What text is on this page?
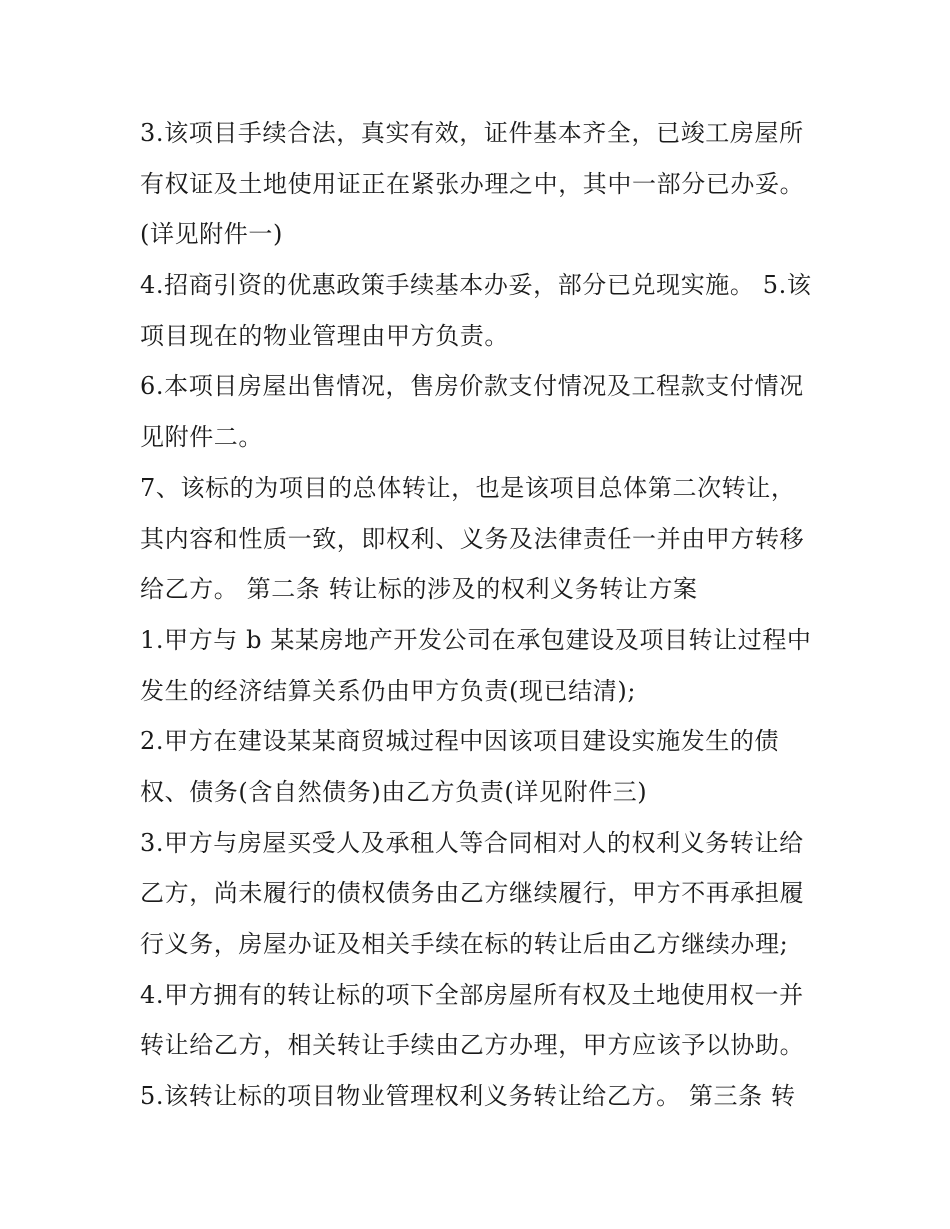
3.该项目手续合法，真实有效，证件基本齐全，已竣工房屋所
有权证及土地使用证正在紧张办理之中，其中一部分已办妥。
(详见附件一)
4.招商引资的优惠政策手续基本办妥，部分已兑现实施。 5.该
项目现在的物业管理由甲方负责。
6.本项目房屋出售情况，售房价款支付情况及工程款支付情况
见附件二。
7、该标的为项目的总体转让，也是该项目总体第二次转让，
其内容和性质一致，即权利、义务及法律责任一并由甲方转移
给乙方。 第二条 转让标的涉及的权利义务转让方案
1.甲方与 b 某某房地产开发公司在承包建设及项目转让过程中
发生的经济结算关系仍由甲方负责(现已结清);
2.甲方在建设某某商贸城过程中因该项目建设实施发生的债
权、债务(含自然债务)由乙方负责(详见附件三)
3.甲方与房屋买受人及承租人等合同相对人的权利义务转让给
乙方，尚未履行的债权债务由乙方继续履行，甲方不再承担履
行义务，房屋办证及相关手续在标的转让后由乙方继续办理;
4.甲方拥有的转让标的项下全部房屋所有权及土地使用权一并
转让给乙方，相关转让手续由乙方办理，甲方应该予以协助。
5.该转让标的项目物业管理权利义务转让给乙方。 第三条 转
